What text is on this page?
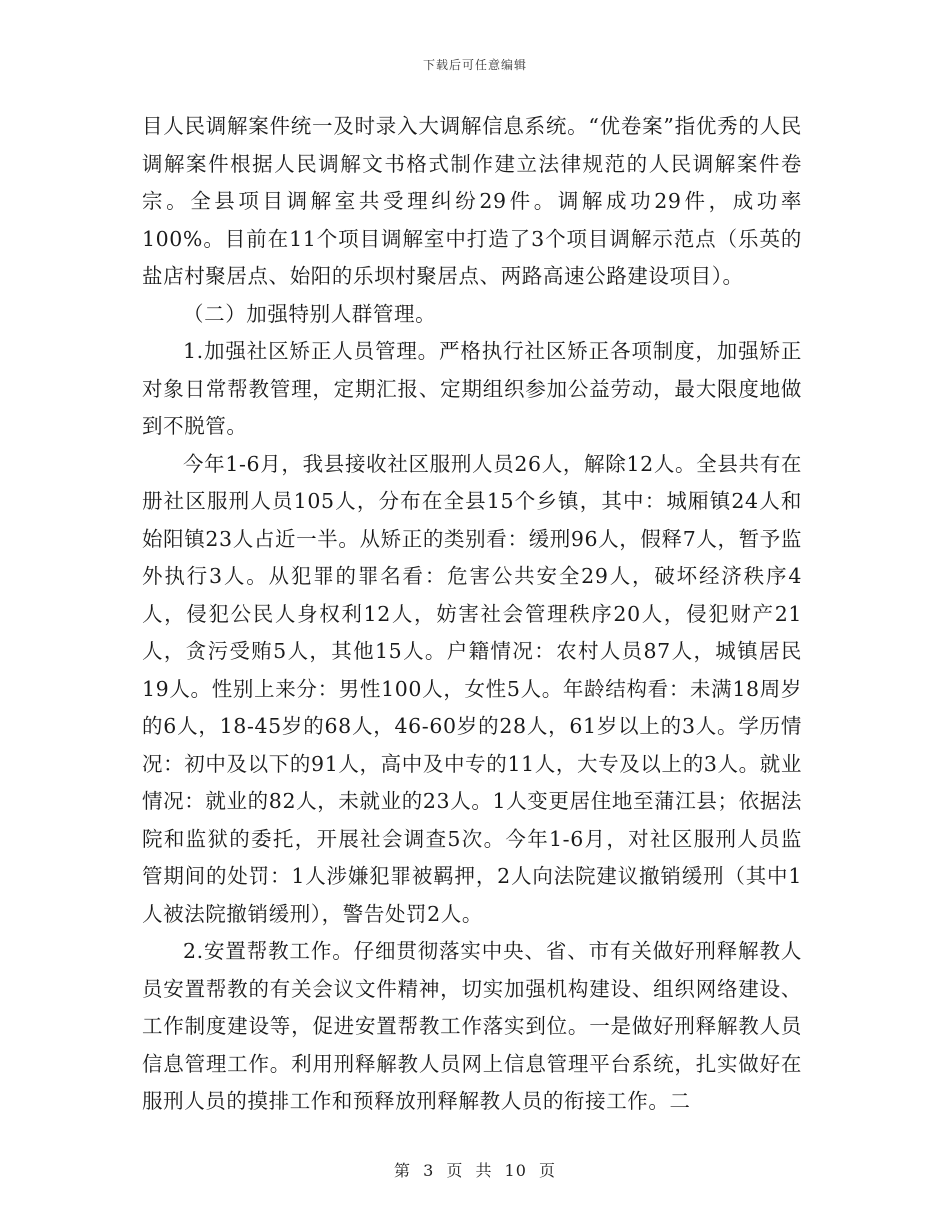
下载后可任意编辑

目人民调解案件统一及时录入大调解信息系统。“优卷案”指优秀的人民调解案件根据人民调解文书格式制作建立法律规范的人民调解案件卷宗。全县项目调解室共受理纠纷29件。调解成功29件，成功率100%。目前在11个项目调解室中打造了3个项目调解示范点（乐英的盐店村聚居点、始阳的乐坝村聚居点、两路高速公路建设项目）。

（二）加强特别人群管理。

1.加强社区矫正人员管理。严格执行社区矫正各项制度，加强矫正对象日常帮教管理，定期汇报、定期组织参加公益劳动，最大限度地做到不脱管。

今年1-6月，我县接收社区服刑人员26人，解除12人。全县共有在册社区服刑人员105人，分布在全县15个乡镇，其中：城厢镇24人和始阳镇23人占近一半。从矫正的类别看：缓刑96人，假释7人，暂予监外执行3人。从犯罪的罪名看：危害公共安全29人，破坏经济秩序4人，侵犯公民人身权利12人，妨害社会管理秩序20人，侵犯财产21人，贪污受贿5人，其他15人。户籍情况：农村人员87人，城镇居民19人。性别上来分：男性100人，女性5人。年龄结构看：未满18周岁的6人，18-45岁的68人，46-60岁的28人，61岁以上的3人。学历情况：初中及以下的91人，高中及中专的11人，大专及以上的3人。就业情况：就业的82人，未就业的23人。1人变更居住地至蒲江县；依据法院和监狱的委托，开展社会调查5次。今年1-6月，对社区服刑人员监管期间的处罚：1人涉嫌犯罪被羁押，2人向法院建议撤销缓刑（其中1人被法院撤销缓刑），警告处罚2人。

2.安置帮教工作。仔细贯彻落实中央、省、市有关做好刑释解教人员安置帮教的有关会议文件精神，切实加强机构建设、组织网络建设、工作制度建设等，促进安置帮教工作落实到位。一是做好刑释解教人员信息管理工作。利用刑释解教人员网上信息管理平台系统，扎实做好在服刑人员的摸排工作和预释放刑释解教人员的衔接工作。二

第 3 页 共 10 页
